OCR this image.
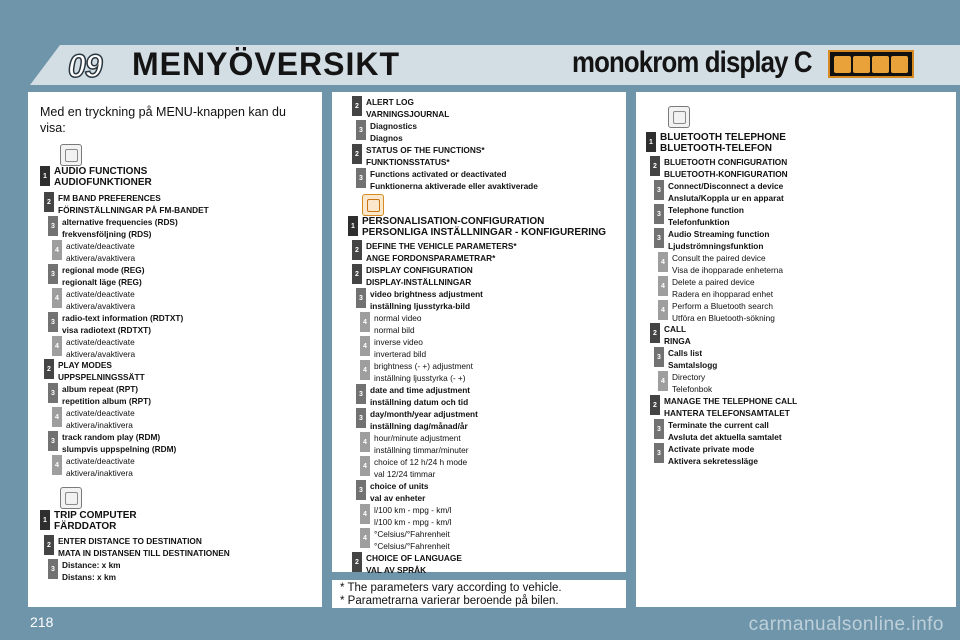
09 MENYÖVERSIKT	monokrom display C
Med en tryckning på MENU-knappen kan du visa:
1 AUDIO FUNCTIONS
AUDIOFUNKTIONER
2 FM BAND PREFERENCES
FÖRINSTÄLLNINGAR PÅ FM-BANDET
3 alternative frequencies (RDS)
frekvensföljning (RDS)
4 activate/deactivate
aktivera/avaktivera
3 regional mode (REG)
regionalt läge (REG)
4 activate/deactivate
aktivera/avaktivera
3 radio-text information (RDTXT)
visa radiotext (RDTXT)
4 activate/deactivate
aktivera/avaktivera
2 PLAY MODES
UPPSPELNINGSSÄTT
3 album repeat (RPT)
repetition album (RPT)
4 activate/deactivate
aktivera/inaktivera
3 track random play (RDM)
slumpvis uppspelning (RDM)
4 activate/deactivate
aktivera/inaktivera
1 TRIP COMPUTER
FÄRDDATOR
2 ENTER DISTANCE TO DESTINATION
MATA IN DISTANSEN TILL DESTINATIONEN
3 Distance: x km
Distans: x km
2 ALERT LOG
VARNINGSJOURNAL
3 Diagnostics
Diagnos
2 STATUS OF THE FUNCTIONS*
FUNKTIONSSTATUS*
3 Functions activated or deactivated
Funktionerna aktiverade eller avaktiverade
1 PERSONALISATION-CONFIGURATION
PERSONLIGA INSTÄLLNINGAR - KONFIGURERING
2 DEFINE THE VEHICLE PARAMETERS*
ANGE FORDONSPARAMETRAR*
2 DISPLAY CONFIGURATION
DISPLAY-INSTÄLLNINGAR
3 video brightness adjustment
inställning ljusstyrka-bild
4 normal video
normal bild
4 inverse video
inverterad bild
4 brightness (- +) adjustment
inställning ljusstyrka (- +)
3 date and time adjustment
inställning datum och tid
3 day/month/year adjustment
inställning dag/månad/år
4 hour/minute adjustment
inställning timmar/minuter
4 choice of 12 h/24 h mode
val 12/24 timmar
3 choice of units
val av enheter
4 l/100 km - mpg - km/l
l/100 km - mpg - km/l
4 °Celsius/°Fahrenheit
°Celsius/°Fahrenheit
2 CHOICE OF LANGUAGE
VAL AV SPRÅK
* The parameters vary according to vehicle.
* Parametrarna varierar beroende på bilen.
1 BLUETOOTH TELEPHONE
BLUETOOTH-TELEFON
2 BLUETOOTH CONFIGURATION
BLUETOOTH-KONFIGURATION
3 Connect/Disconnect a device
Ansluta/Koppla ur en apparat
3 Telephone function
Telefonfunktion
3 Audio Streaming function
Ljudströmningsfunktion
4 Consult the paired device
Visa de ihopparade enheterna
4 Delete a paired device
Radera en ihopparad enhet
4 Perform a Bluetooth search
Utföra en Bluetooth-sökning
2 CALL
RINGA
3 Calls list
Samtalslogg
4 Directory
Telefonbok
2 MANAGE THE TELEPHONE CALL
HANTERA TELEFONSAMTALET
3 Terminate the current call
Avsluta det aktuella samtalet
3 Activate private mode
Aktivera sekretessläge
218	carmanualsonline.info
